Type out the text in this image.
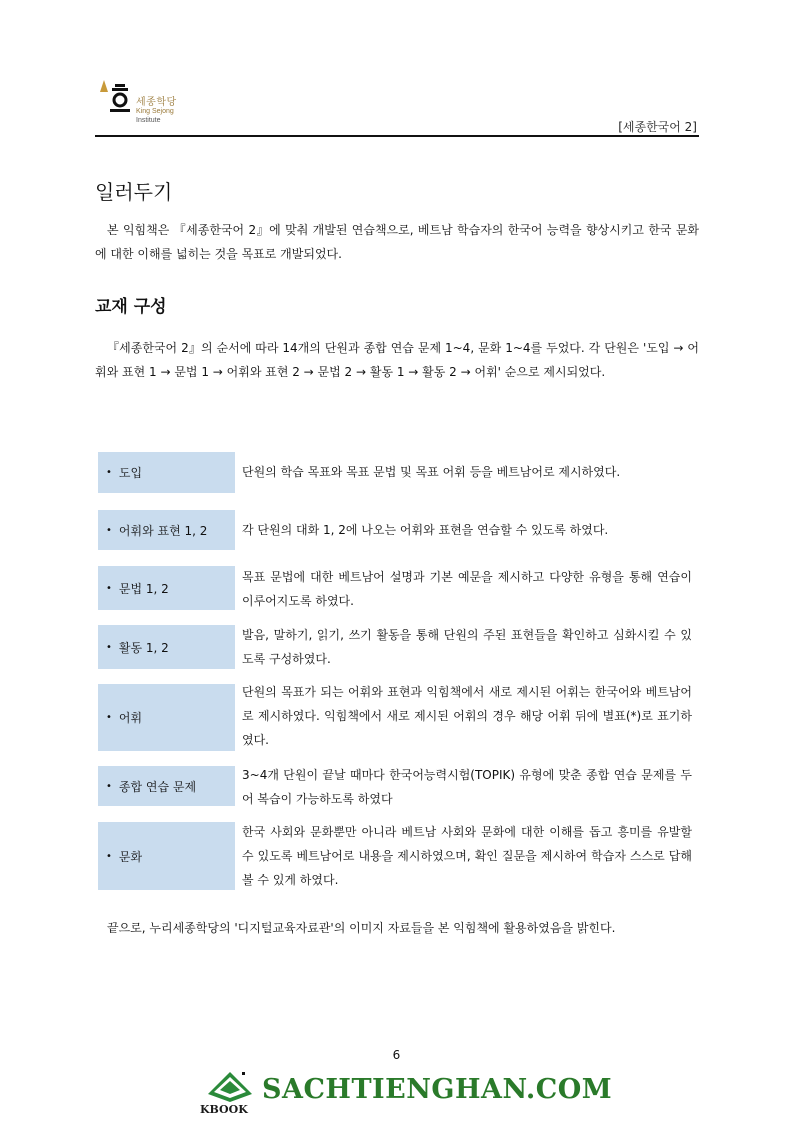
세종학당
King Sejong
Institute	[세종한국어 2]
일러두기
본 익힘책은 『세종한국어 2』에 맞춰 개발된 연습책으로, 베트남 학습자의 한국어 능력을 향상시키고 한국 문화에 대한 이해를 넓히는 것을 목표로 개발되었다.
교재 구성
『세종한국어 2』의 순서에 따라 14개의 단원과 종합 연습 문제 1~4, 문화 1~4를 두었다. 각 단원은 '도입 → 어휘와 표현 1 → 문법 1 → 어휘와 표현 2 → 문법 2 → 활동 1 → 활동 2 → 어휘' 순으로 제시되었다.
• 도입	단원의 학습 목표와 목표 문법 및 목표 어휘 등을 베트남어로 제시하였다.
• 어휘와 표현 1, 2	각 단원의 대화 1, 2에 나오는 어휘와 표현을 연습할 수 있도록 하였다.
• 문법 1, 2
목표 문법에 대한 베트남어 설명과 기본 예문을 제시하고 다양한 유형을 통해 연습이 이루어지도록 하였다.
• 활동 1, 2
발음, 말하기, 읽기, 쓰기 활동을 통해 단원의 주된 표현들을 확인하고 심화시킬 수 있도록 구성하였다.
• 어휘
단원의 목표가 되는 어휘와 표현과 익힘책에서 새로 제시된 어휘는 한국어와 베트남어로 제시하였다. 익힘책에서 새로 제시된 어휘의 경우 해당 어휘 뒤에 별표(*)로 표기하였다.
• 종합 연습 문제
3~4개 단원이 끝날 때마다 한국어능력시험(TOPIK) 유형에 맞춘 종합 연습 문제를 두어 복습이 가능하도록 하였다
• 문화
한국 사회와 문화뿐만 아니라 베트남 사회와 문화에 대한 이해를 돕고 흥미를 유발할 수 있도록 베트남어로 내용을 제시하였으며, 확인 질문을 제시하여 학습자 스스로 답해 볼 수 있게 하였다.
끝으로, 누리세종학당의 '디지털교육자료관'의 이미지 자료들을 본 익힘책에 활용하였음을 밝힌다.
6
KBOOK
SACHTIENGHAN.COM
